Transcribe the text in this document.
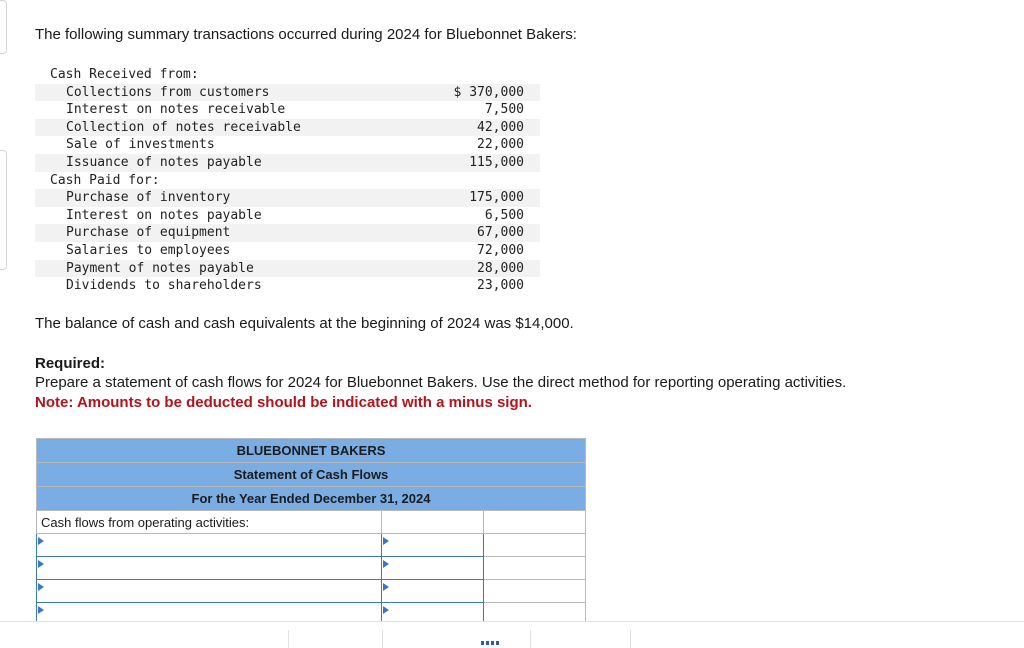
The following summary transactions occurred during 2024 for Bluebonnet Bakers:
Cash Received from:
Collections from customers	$ 370,000
Interest on notes receivable	7,500
Collection of notes receivable	42,000
Sale of investments	22,000
Issuance of notes payable	115,000
Cash Paid for:
Purchase of inventory	175,000
Interest on notes payable	6,500
Purchase of equipment	67,000
Salaries to employees	72,000
Payment of notes payable	28,000
Dividends to shareholders	23,000
The balance of cash and cash equivalents at the beginning of 2024 was $14,000.
Required:
Prepare a statement of cash flows for 2024 for Bluebonnet Bakers. Use the direct method for reporting operating activities.
Note: Amounts to be deducted should be indicated with a minus sign.
BLUEBONNET BAKERS		
Statement of Cash Flows		
For the Year Ended December 31, 2024		
Cash flows from operating activities:		
